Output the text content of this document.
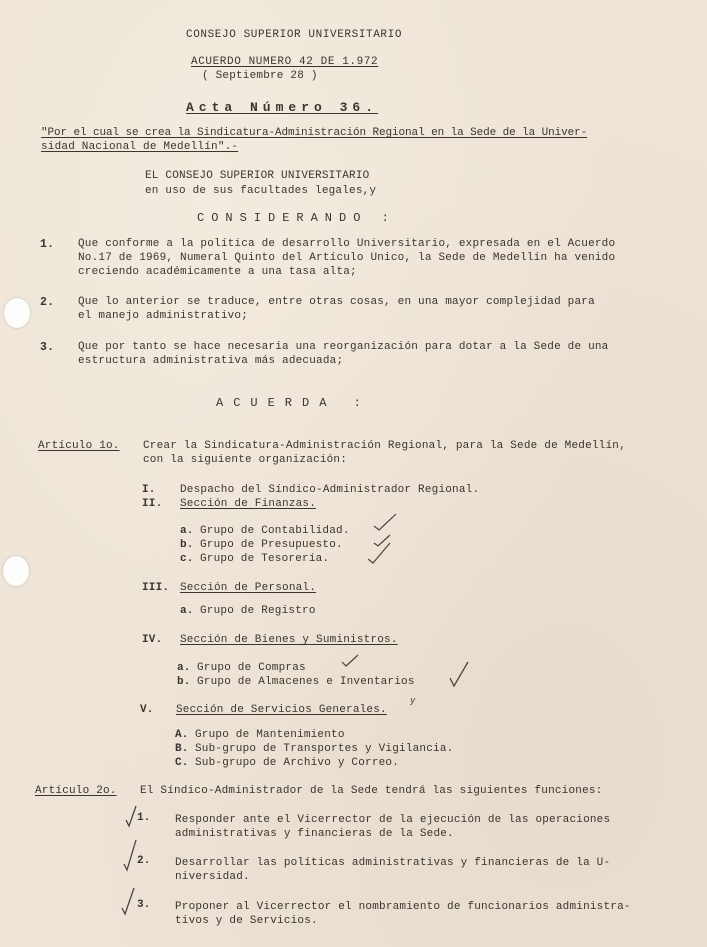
CONSEJO SUPERIOR UNIVERSITARIO
ACUERDO NUMERO 42 DE 1.972
( Septiembre 28 )
Acta Número 36.
"Por el cual se crea la Sindicatura-Administración Regional en la Sede de la Univer-
sidad Nacional de Medellín".-
EL CONSEJO SUPERIOR UNIVERSITARIO
en uso de sus facultades legales,y
CONSIDERANDO :
1. Que conforme a la política de desarrollo Universitario, expresada en el Acuerdo
No.17 de 1969, Numeral Quinto del Artículo Unico, la Sede de Medellín ha venido
creciendo académicamente a una tasa alta;
2. Que lo anterior se traduce, entre otras cosas, en una mayor complejidad para
el manejo administrativo;
3. Que por tanto se hace necesaria una reorganización para dotar a la Sede de una
estructura administrativa más adecuada;
ACUERDA :
Artículo 1o. Crear la Sindicatura-Administración Regional, para la Sede de Medellín,
con la siguiente organización:
I. Despacho del Síndico-Administrador Regional.
II. Sección de Finanzas.
a. Grupo de Contabilidad.
b. Grupo de Presupuesto.
c. Grupo de Tesorería.
III. Sección de Personal.
a. Grupo de Registro
IV. Sección de Bienes y Suministros.
a. Grupo de Compras
b. Grupo de Almacenes e Inventarios
V. Sección de Servicios Generales.
y
A. Grupo de Mantenimiento
B. Sub-grupo de Transportes y Vigilancia.
C. Sub-grupo de Archivo y Correo.
Artículo 2o. El Síndico-Administrador de la Sede tendrá las siguientes funciones:
1. Responder ante el Vicerrector de la ejecución de las operaciones
administrativas y financieras de la Sede.
2. Desarrollar las políticas administrativas y financieras de la U-
niversidad.
3. Proponer al Vicerrector el nombramiento de funcionarios administra-
tivos y de Servicios.
